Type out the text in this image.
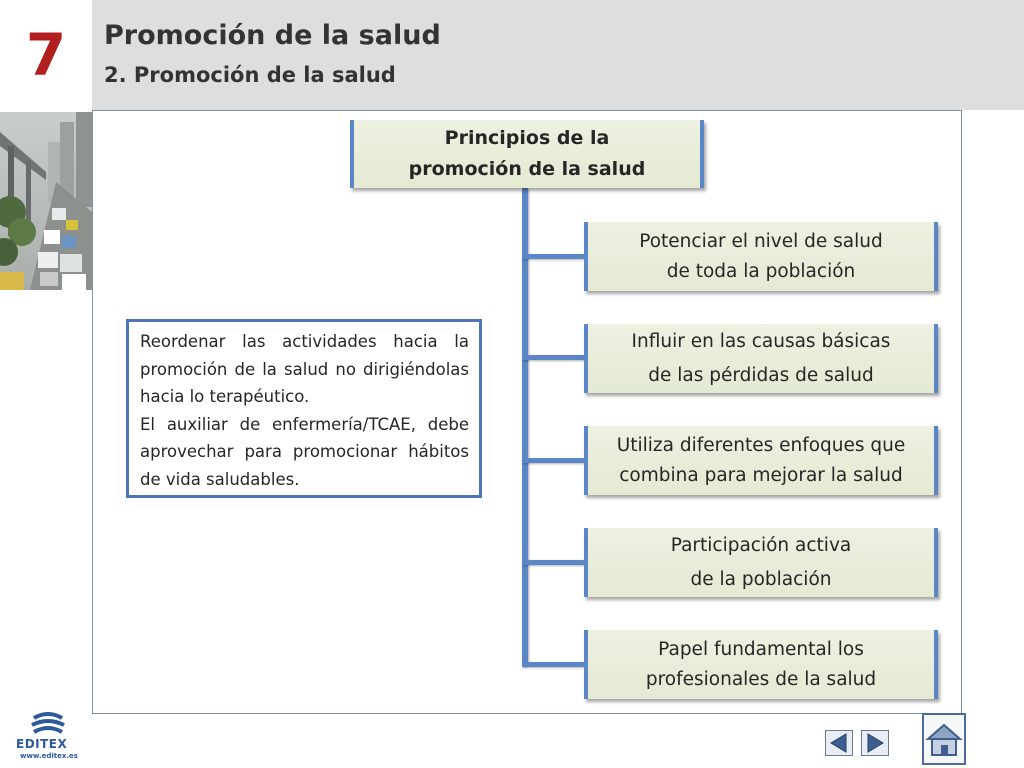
7	Promoción de la salud
2. Promoción de la salud
Principios de la
promoción de la salud
Potenciar el nivel de salud
de toda la población
Influir en las causas básicas
de las pérdidas de salud
Utiliza diferentes enfoques que
combina para mejorar la salud
Participación activa
de la población
Papel fundamental los
profesionales de la salud

Reordenar las actividades hacia la promoción de la salud no dirigiéndolas hacia lo terapéutico.

El auxiliar de enfermería/TCAE, debe aprovechar para promocionar hábitos de vida saludables.

EDITEX
www.editex.es
